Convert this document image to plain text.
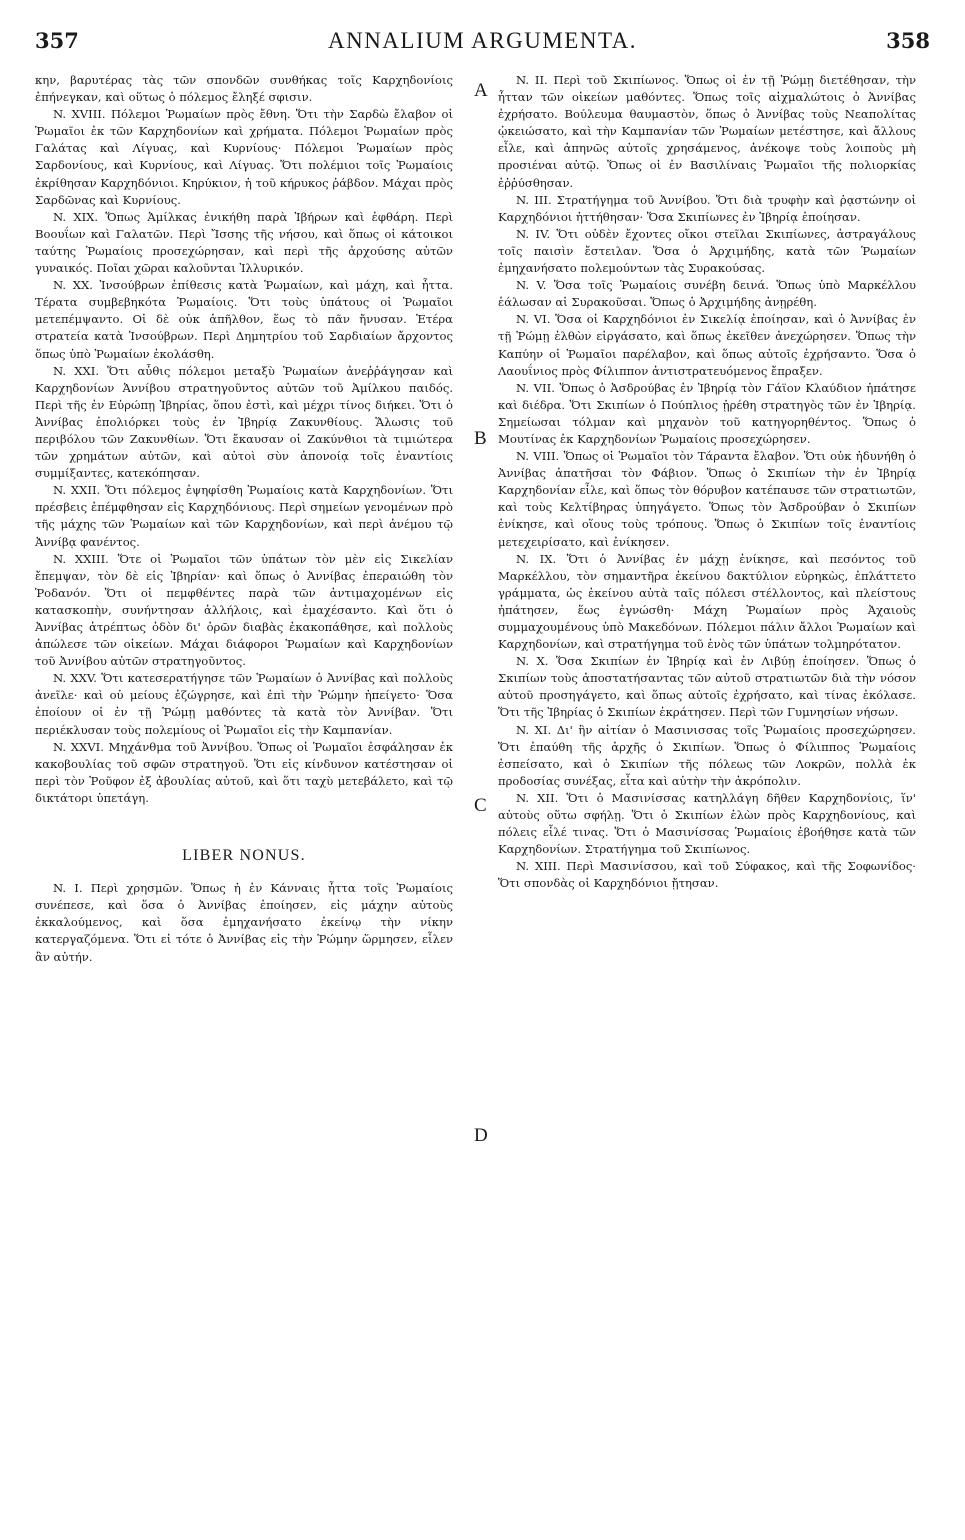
357	ANNALIUM ARGUMENTA.	358
A
B
C
D

κην, βαρυτέρας τὰς τῶν σπονδῶν συνθήκας τοῖς Καρχηδονίοις ἐπήνεγκαν, καὶ οὕτως ὁ πόλεμος ἔληξέ σφισιν.

N. XVIII. Πόλεμοι Ῥωμαίων πρὸς ἔθνη. Ὅτι τὴν Σαρδὼ ἔλαβον οἱ Ῥωμαῖοι ἐκ τῶν Καρχηδονίων καὶ χρήματα. Πόλεμοι Ῥωμαίων πρὸς Γαλάτας καὶ Λίγυας, καὶ Κυρνίους· Πόλεμοι Ῥωμαίων πρὸς Σαρδονίους, καὶ Κυρνίους, καὶ Λίγυας. Ὅτι πολέμιοι τοῖς Ῥωμαίοις ἐκρίθησαν Καρχηδόνιοι. Κηρύκιον, ἡ τοῦ κήρυκος ῥάβδον. Μάχαι πρὸς Σαρδῶνας καὶ Κυρνίους.

N. XIX. Ὅπως Ἀμίλκας ἐνικήθη παρὰ Ἰβήρων καὶ ἐφθάρη. Περὶ Βοουΐων καὶ Γαλατῶν. Περὶ Ἴσσης τῆς νήσου, καὶ ὅπως οἱ κάτοικοι ταύτης Ῥωμαίοις προσεχώρησαν, καὶ περὶ τῆς ἀρχούσης αὐτῶν γυναικός. Ποῖαι χῶραι καλοῦνται Ἰλλυρικόν.

N. XX. Ἰνσούβρων ἐπίθεσις κατὰ Ῥωμαίων, καὶ μάχη, καὶ ἧττα. Τέρατα συμβεβηκότα Ῥωμαίοις. Ὅτι τοὺς ὑπάτους οἱ Ῥωμαῖοι μετεπέμψαντο. Οἱ δὲ οὐκ ἀπῆλθον, ἕως τὸ πᾶν ἤνυσαν. Ἑτέρα στρατεία κατὰ Ἰνσούβρων. Περὶ Δημητρίου τοῦ Σαρδιαίων ἄρχοντος ὅπως ὑπὸ Ῥωμαίων ἐκολάσθη.

N. XXI. Ὅτι αὖθις πόλεμοι μεταξὺ Ῥωμαίων ἀνεῤῥάγησαν καὶ Καρχηδονίων Ἀννίβου στρατηγοῦντος αὐτῶν τοῦ Ἀμίλκου παιδός. Περὶ τῆς ἐν Εὐρώπῃ Ἰβηρίας, ὅπου ἐστὶ, καὶ μέχρι τίνος διήκει. Ὅτι ὁ Ἀννίβας ἐπολιόρκει τοὺς ἐν Ἰβηρίᾳ Ζακυνθίους. Ἅλωσις τοῦ περιβόλου τῶν Ζακυνθίων. Ὅτι ἔκαυσαν οἱ Ζακύνθιοι τὰ τιμιώτερα τῶν χρημάτων αὐτῶν, καὶ αὐτοὶ σὺν ἀπονοίᾳ τοῖς ἐναντίοις συμμίξαντες, κατεκόπησαν.

N. XXII. Ὅτι πόλεμος ἐψηφίσθη Ῥωμαίοις κατὰ Καρχηδονίων. Ὅτι πρέσβεις ἐπέμφθησαν εἰς Καρχηδόνιους. Περὶ σημείων γενομένων πρὸ τῆς μάχης τῶν Ῥωμαίων καὶ τῶν Καρχηδονίων, καὶ περὶ ἀνέμου τῷ Ἀννίβᾳ φανέντος.

N. XXIII. Ὅτε οἱ Ῥωμαῖοι τῶν ὑπάτων τὸν μὲν εἰς Σικελίαν ἔπεμψαν, τὸν δὲ εἰς Ἰβηρίαν· καὶ ὅπως ὁ Ἀννίβας ἐπεραιώθη τὸν Ῥοδανόν. Ὅτι οἱ πεμφθέντες παρὰ τῶν ἀντιμαχομένων εἰς κατασκοπὴν, συνήντησαν ἀλλήλοις, καὶ ἐμαχέσαντο. Καὶ ὅτι ὁ Ἀννίβας ἀτρέπτως ὁδὸν δι' ὀρῶν διαβὰς ἐκακοπάθησε, καὶ πολλοὺς ἀπώλεσε τῶν οἰκείων. Μάχαι διάφοροι Ῥωμαίων καὶ Καρχηδονίων τοῦ Ἀννίβου αὐτῶν στρατηγοῦντος.

N. XXV. Ὅτι κατεσερατήγησε τῶν Ῥωμαίων ὁ Ἀννίβας καὶ πολλοὺς ἀνεῖλε· καὶ οὐ μείους ἐζώγρησε, καὶ ἐπὶ τὴν Ῥώμην ἠπείγετο· Ὅσα ἐποίουν οἱ ἐν τῇ Ῥώμῃ μαθόντες τὰ κατὰ τὸν Ἀννίβαν. Ὅτι περιέκλυσαν τοὺς πολεμίους οἱ Ῥωμαῖοι εἰς τὴν Καμπανίαν.

N. XXVI. Μηχάνθμα τοῦ Ἀννίβου. Ὅπως οἱ Ῥωμαῖοι ἐσφάλησαν ἐκ κακοβουλίας τοῦ σφῶν στρατηγοῦ. Ὅτι εἰς κίνδυνον κατέστησαν οἱ περὶ τὸν Ῥοῦφον ἐξ ἀβουλίας αὐτοῦ, καὶ ὅτι ταχὺ μετεβάλετο, καὶ τῷ δικτάτορι ὑπετάγη.

LIBER NONUS.

N. I. Περὶ χρησμῶν. Ὅπως ἡ ἐν Κάνναις ἧττα τοῖς Ῥωμαίοις συνέπεσε, καὶ ὅσα ὁ Ἀννίβας ἐποίησεν, εἰς μάχην αὐτοὺς ἐκκαλούμενος, καὶ ὅσα ἐμηχανήσατο ἐκείνῳ τὴν νίκην κατεργαζόμενα. Ὅτι εἰ τότε ὁ Ἀννίβας εἰς τὴν Ῥώμην ὥρμησεν, εἶλεν ἂν αὐτήν.

N. II. Περὶ τοῦ Σκιπίωνος. Ὅπως οἱ ἐν τῇ Ῥώμῃ διετέθησαν, τὴν ἧτταν τῶν οἰκείων μαθόντες. Ὅπως τοῖς αἰχμαλώτοις ὁ Ἀννίβας ἐχρήσατο. Βούλευμα θαυμαστὸν, ὅπως ὁ Ἀννίβας τοὺς Νεαπολίτας ᾠκειώσατο, καὶ τὴν Καμπανίαν τῶν Ῥωμαίων μετέστησε, καὶ ἄλλους εἷλε, καὶ ἀπηνῶς αὐτοῖς χρησάμενος, ἀνέκοψε τοὺς λοιποὺς μὴ προσιέναι αὐτῷ. Ὅπως οἱ ἐν Βασιλίναις Ῥωμαῖοι τῆς πολιορκίας ἐῤῥύσθησαν.

N. III. Στρατήγημα τοῦ Ἀννίβου. Ὅτι διὰ τρυφὴν καὶ ῥᾳστώνην οἱ Καρχηδόνιοι ἡττήθησαν· Ὅσα Σκιπίωνες ἐν Ἰβηρίᾳ ἐποίησαν.

N. IV. Ὅτι οὐδὲν ἔχοντες οἴκοι στεῖλαι Σκιπίωνες, ἀστραγάλους τοῖς παισὶν ἔστειλαν. Ὅσα ὁ Ἀρχιμήδης, κατὰ τῶν Ῥωμαίων ἐμηχανήσατο πολεμούντων τὰς Συρακούσας.

N. V. Ὅσα τοῖς Ῥωμαίοις συνέβη δεινά. Ὅπως ὑπὸ Μαρκέλλου ἑάλωσαν αἱ Συρακοῦσαι. Ὅπως ὁ Ἀρχιμήδης ἀνῃρέθη.

N. VI. Ὅσα οἱ Καρχηδόνιοι ἐν Σικελίᾳ ἐποίησαν, καὶ ὁ Ἀννίβας ἐν τῇ Ῥώμῃ ἐλθὼν εἰργάσατο, καὶ ὅπως ἐκεῖθεν ἀνεχώρησεν. Ὅπως τὴν Καπύην οἱ Ῥωμαῖοι παρέλαβον, καὶ ὅπως αὐτοῖς ἐχρήσαντο. Ὅσα ὁ Λαουΐνιος πρὸς Φίλιππον ἀντιστρατευόμενος ἔπραξεν.

N. VII. Ὅπως ὁ Ἀσδρούβας ἐν Ἰβηρίᾳ τὸν Γάϊον Κλαύδιον ἠπάτησε καὶ διέδρα. Ὅτι Σκιπίων ὁ Πούπλιος ᾑρέθη στρατηγὸς τῶν ἐν Ἰβηρίᾳ. Σημείωσαι τόλμαν καὶ μηχανὸν τοῦ κατηγορηθέντος. Ὅπως ὁ Μουτίνας ἐκ Καρχηδονίων Ῥωμαίοις προσεχώρησεν.

N. VIII. Ὅπως οἱ Ῥωμαῖοι τὸν Τάραντα ἔλαβον. Ὅτι οὐκ ἠδυνήθη ὁ Ἀννίβας ἀπατῆσαι τὸν Φάβιον. Ὅπως ὁ Σκιπίων τὴν ἐν Ἰβηρίᾳ Καρχηδονίαν εἷλε, καὶ ὅπως τὸν θόρυβον κατέπαυσε τῶν στρατιωτῶν, καὶ τοὺς Κελτίβηρας ὑπηγάγετο. Ὅπως τὸν Ἀσδρούβαν ὁ Σκιπίων ἐνίκησε, καὶ οἵους τοὺς τρόπους. Ὅπως ὁ Σκιπίων τοῖς ἐναντίοις μετεχειρίσατο, καὶ ἐνίκησεν.

N. IX. Ὅτι ὁ Ἀννίβας ἐν μάχῃ ἐνίκησε, καὶ πεσόντος τοῦ Μαρκέλλου, τὸν σημαντῆρα ἐκείνου δακτύλιον εὑρηκὼς, ἐπλάττετο γράμματα, ὡς ἐκείνου αὐτὰ ταῖς πόλεσι στέλλοντος, καὶ πλείστους ἠπάτησεν, ἕως ἐγνώσθη· Μάχη Ῥωμαίων πρὸς Ἀχαιοὺς συμμαχουμένους ὑπὸ Μακεδόνων. Πόλεμοι πάλιν ἄλλοι Ῥωμαίων καὶ Καρχηδονίων, καὶ στρατήγημα τοῦ ἑνὸς τῶν ὑπάτων τολμηρότατον.

N. X. Ὅσα Σκιπίων ἐν Ἰβηρίᾳ καὶ ἐν Λιβύῃ ἐποίησεν. Ὅπως ὁ Σκιπίων τοὺς ἀποστατήσαντας τῶν αὐτοῦ στρατιωτῶν διὰ τὴν νόσον αὐτοῦ προσηγάγετο, καὶ ὅπως αὐτοῖς ἐχρήσατο, καὶ τίνας ἐκόλασε. Ὅτι τῆς Ἰβηρίας ὁ Σκιπίων ἐκράτησεν. Περὶ τῶν Γυμνησίων νήσων.

N. XI. Δι' ἣν αἰτίαν ὁ Μασινισσας τοῖς Ῥωμαίοις προσεχώρησεν. Ὅτι ἐπαύθη τῆς ἀρχῆς ὁ Σκιπίων. Ὅπως ὁ Φίλιππος Ῥωμαίοις ἐσπείσατο, καὶ ὁ Σκιπίων τῆς πόλεως τῶν Λοκρῶν, πολλὰ ἐκ προδοσίας συνέξας, εἶτα καὶ αὐτὴν τὴν ἀκρόπολιν.

N. XII. Ὅτι ὁ Μασινίσσας κατηλλάγη δῆθεν Καρχηδονίοις, ἵν' αὐτοὺς οὕτω σφήλῃ. Ὅτι ὁ Σκιπίων ἑλὼν πρὸς Καρχηδονίους, καὶ πόλεις εἷλέ τινας. Ὅτι ὁ Μασινίσσας Ῥωμαίοις ἐβοήθησε κατὰ τῶν Καρχηδονίων. Στρατήγημα τοῦ Σκιπίωνος.

N. XIII. Περὶ Μασινίσσου, καὶ τοῦ Σύφακος, καὶ τῆς Σοφωνίδος· Ὅτι σπονδὰς οἱ Καρχηδόνιοι ᾔτησαν.
